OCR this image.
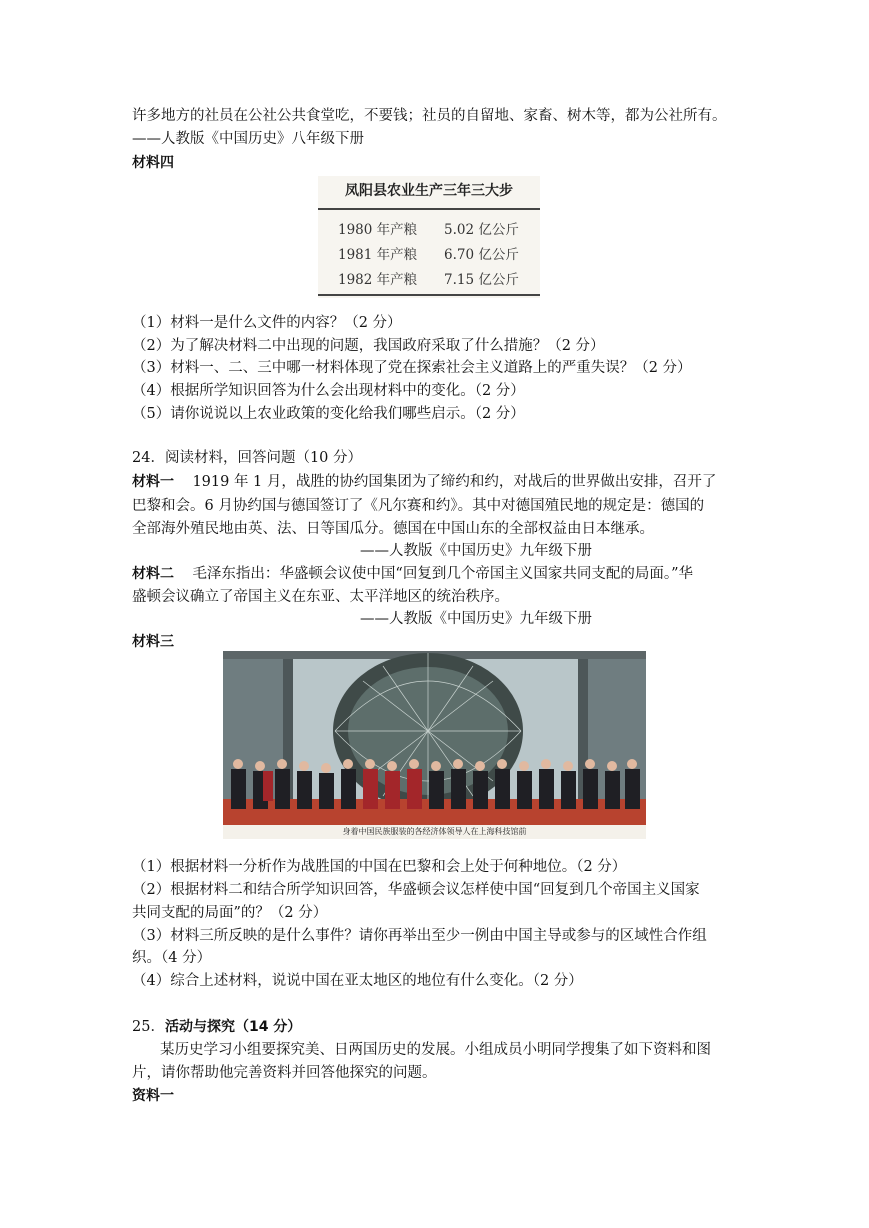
许多地方的社员在公社公共食堂吃，不要钱；社员的自留地、家畜、树木等，都为公社所有。
——人教版《中国历史》八年级下册
材料四
凤阳县农业生产三年三大步
1980 年产粮 5.02 亿公斤
1981 年产粮 6.70 亿公斤
1982 年产粮 7.15 亿公斤
（1）材料一是什么文件的内容？（2 分）
（2）为了解决材料二中出现的问题，我国政府采取了什么措施？（2 分）
（3）材料一、二、三中哪一材料体现了党在探索社会主义道路上的严重失误？（2 分）
（4）根据所学知识回答为什么会出现材料中的变化。（2 分）
（5）请你说说以上农业政策的变化给我们哪些启示。（2 分）
24．阅读材料，回答问题（10 分）
材料一 1919 年 1 月，战胜的协约国集团为了缔约和约，对战后的世界做出安排，召开了
巴黎和会。6 月协约国与德国签订了《凡尔赛和约》。其中对德国殖民地的规定是：德国的
全部海外殖民地由英、法、日等国瓜分。德国在中国山东的全部权益由日本继承。
——人教版《中国历史》九年级下册
材料二 毛泽东指出：华盛顿会议使中国“回复到几个帝国主义国家共同支配的局面。”华
盛顿会议确立了帝国主义在东亚、太平洋地区的统治秩序。
——人教版《中国历史》九年级下册
材料三
身着中国民族服装的各经济体领导人在上海科技馆前
（1）根据材料一分析作为战胜国的中国在巴黎和会上处于何种地位。（2 分）
（2）根据材料二和结合所学知识回答，华盛顿会议怎样使中国“回复到几个帝国主义国家
共同支配的局面”的？（2 分）
（3）材料三所反映的是什么事件？请你再举出至少一例由中国主导或参与的区域性合作组
织。（4 分）
（4）综合上述材料，说说中国在亚太地区的地位有什么变化。（2 分）
25．活动与探究（14 分）
某历史学习小组要探究美、日两国历史的发展。小组成员小明同学搜集了如下资料和图
片，请你帮助他完善资料并回答他探究的问题。
资料一
